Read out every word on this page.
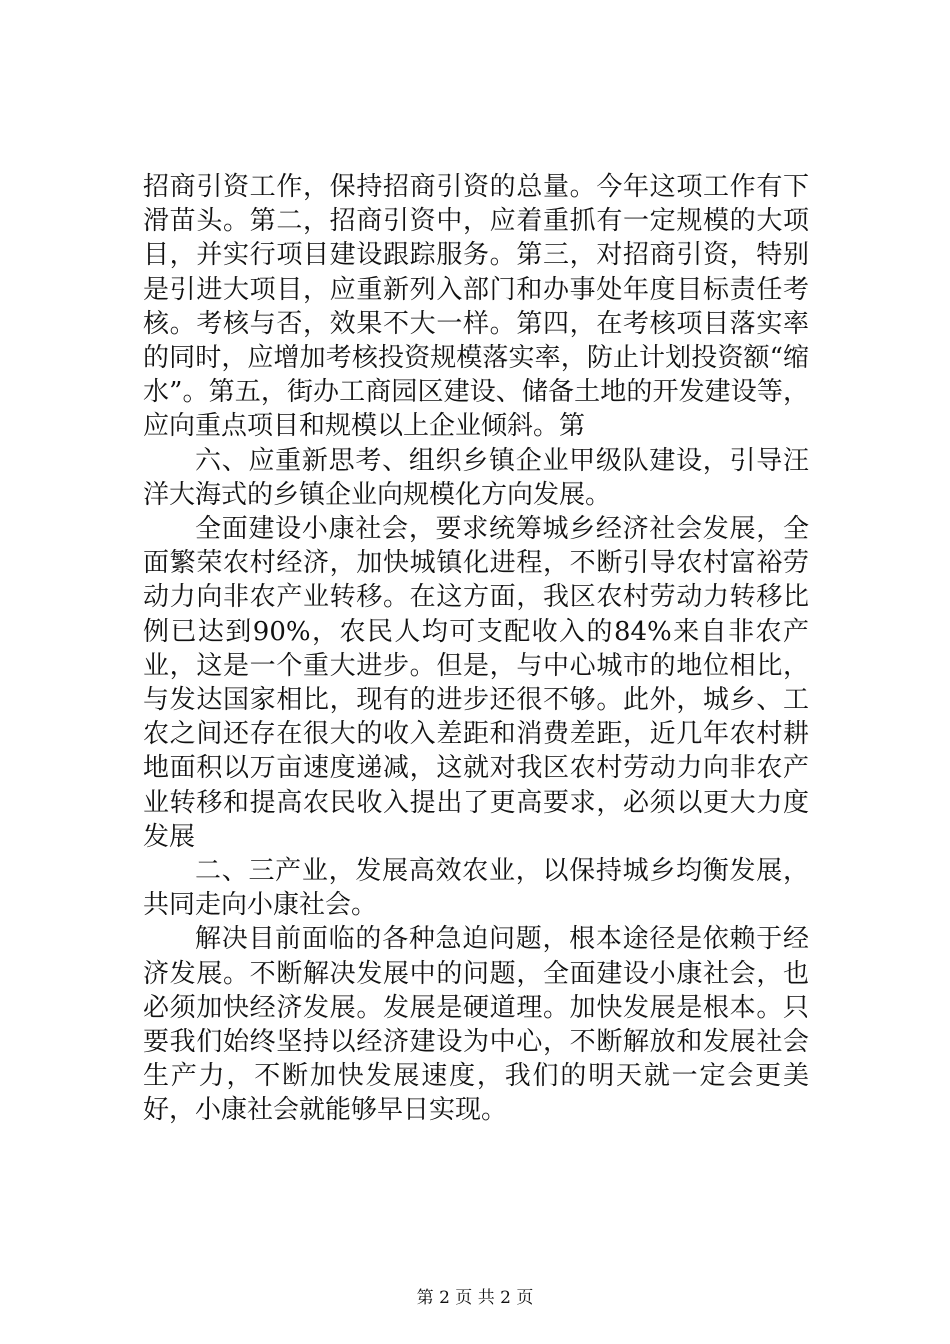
招商引资工作，保持招商引资的总量。今年这项工作有下滑苗头。第二，招商引资中，应着重抓有一定规模的大项目，并实行项目建设跟踪服务。第三，对招商引资，特别是引进大项目，应重新列入部门和办事处年度目标责任考核。考核与否，效果不大一样。第四，在考核项目落实率的同时，应增加考核投资规模落实率，防止计划投资额“缩水”。第五，街办工商园区建设、储备土地的开发建设等，应向重点项目和规模以上企业倾斜。第

六、应重新思考、组织乡镇企业甲级队建设，引导汪洋大海式的乡镇企业向规模化方向发展。

全面建设小康社会，要求统筹城乡经济社会发展，全面繁荣农村经济，加快城镇化进程，不断引导农村富裕劳动力向非农产业转移。在这方面，我区农村劳动力转移比例已达到90%，农民人均可支配收入的84%来自非农产业，这是一个重大进步。但是，与中心城市的地位相比，与发达国家相比，现有的进步还很不够。此外，城乡、工农之间还存在很大的收入差距和消费差距，近几年农村耕地面积以万亩速度递减，这就对我区农村劳动力向非农产业转移和提高农民收入提出了更高要求，必须以更大力度发展

二、三产业，发展高效农业，以保持城乡均衡发展，共同走向小康社会。

解决目前面临的各种急迫问题，根本途径是依赖于经济发展。不断解决发展中的问题，全面建设小康社会，也必须加快经济发展。发展是硬道理。加快发展是根本。只要我们始终坚持以经济建设为中心，不断解放和发展社会生产力，不断加快发展速度，我们的明天就一定会更美好，小康社会就能够早日实现。

第 2 页 共 2 页
